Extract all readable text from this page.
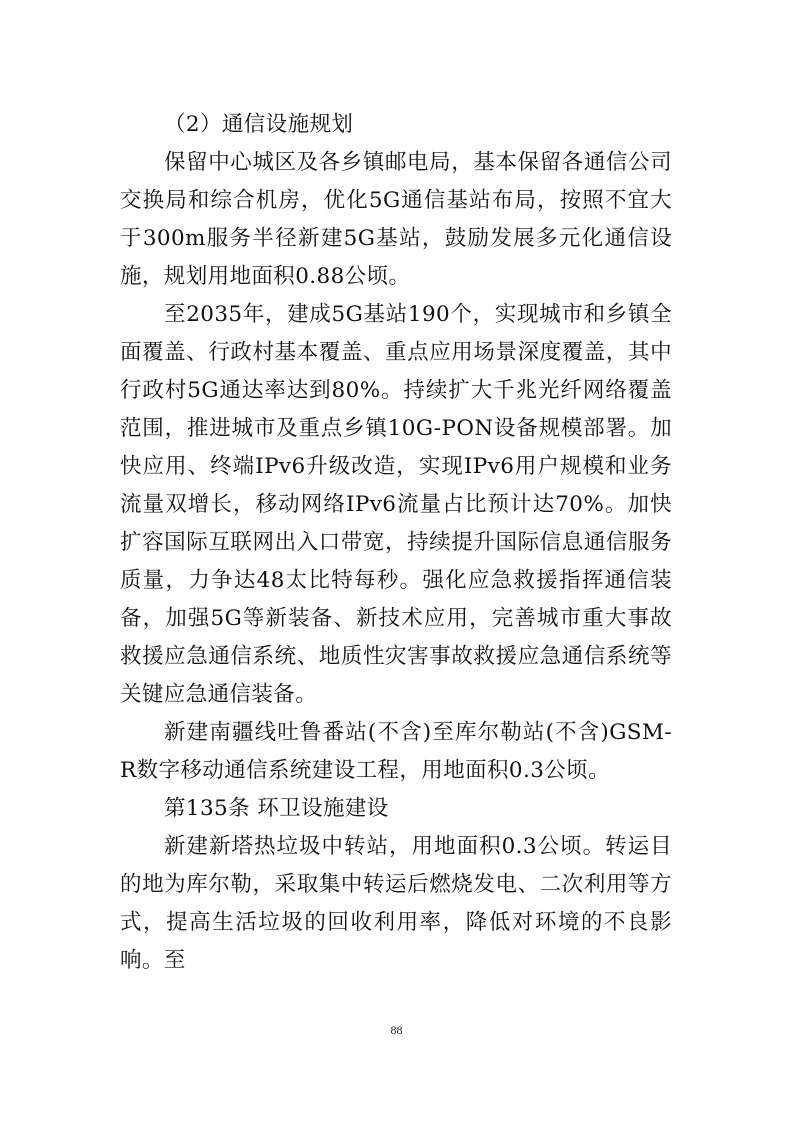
（2）通信设施规划

保留中心城区及各乡镇邮电局，基本保留各通信公司交换局和综合机房，优化5G通信基站布局，按照不宜大于300m服务半径新建5G基站，鼓励发展多元化通信设施，规划用地面积0.88公顷。

至2035年，建成5G基站190个，实现城市和乡镇全面覆盖、行政村基本覆盖、重点应用场景深度覆盖，其中行政村5G通达率达到80%。持续扩大千兆光纤网络覆盖范围，推进城市及重点乡镇10G-PON设备规模部署。加快应用、终端IPv6升级改造，实现IPv6用户规模和业务流量双增长，移动网络IPv6流量占比预计达70%。加快扩容国际互联网出入口带宽，持续提升国际信息通信服务质量，力争达48太比特每秒。强化应急救援指挥通信装备，加强5G等新装备、新技术应用，完善城市重大事故救援应急通信系统、地质性灾害事故救援应急通信系统等关键应急通信装备。

新建南疆线吐鲁番站(不含)至库尔勒站(不含)GSM-R数字移动通信系统建设工程，用地面积0.3公顷。

第135条 环卫设施建设

新建新塔热垃圾中转站，用地面积0.3公顷。转运目的地为库尔勒，采取集中转运后燃烧发电、二次利用等方式，提高生活垃圾的回收利用率，降低对环境的不良影响。至

88
